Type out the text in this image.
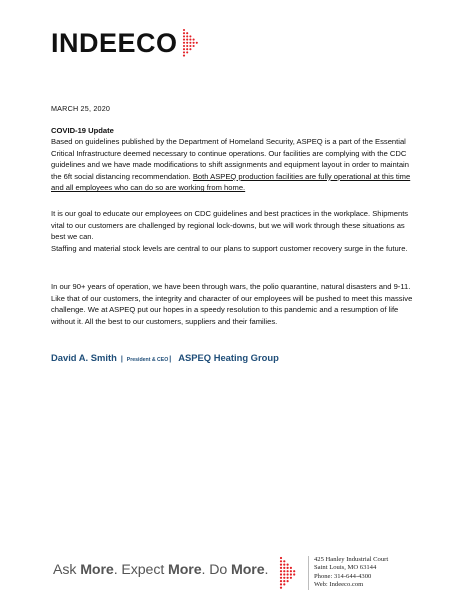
INDEECO
MARCH 25, 2020
COVID-19 Update
Based on guidelines published by the Department of Homeland Security, ASPEQ is a part of the Essential Critical Infrastructure deemed necessary to continue operations. Our facilities are complying with the CDC guidelines and we have made modifications to shift assignments and equipment layout in order to maintain the 6ft social distancing recommendation. Both ASPEQ production facilities are fully operational at this time and all employees who can do so are working from home.
It is our goal to educate our employees on CDC guidelines and best practices in the workplace. Shipments vital to our customers are challenged by regional lock-downs, but we will work through these situations as best we can.
Staffing and material stock levels are central to our plans to support customer recovery surge in the future.
In our 90+ years of operation, we have been through wars, the polio quarantine, natural disasters and 9-11. Like that of our customers, the integrity and character of our employees will be pushed to meet this massive challenge. We at ASPEQ put our hopes in a speedy resolution to this pandemic and a resumption of life without it. All the best to our customers, suppliers and their families.
David A. Smith | President & CEO | ASPEQ Heating Group
Ask More. Expect More. Do More.
425 Hanley Industrial Court
Saint Louis, MO 63144
Phone: 314-644-4300
Web: Indeeco.com
